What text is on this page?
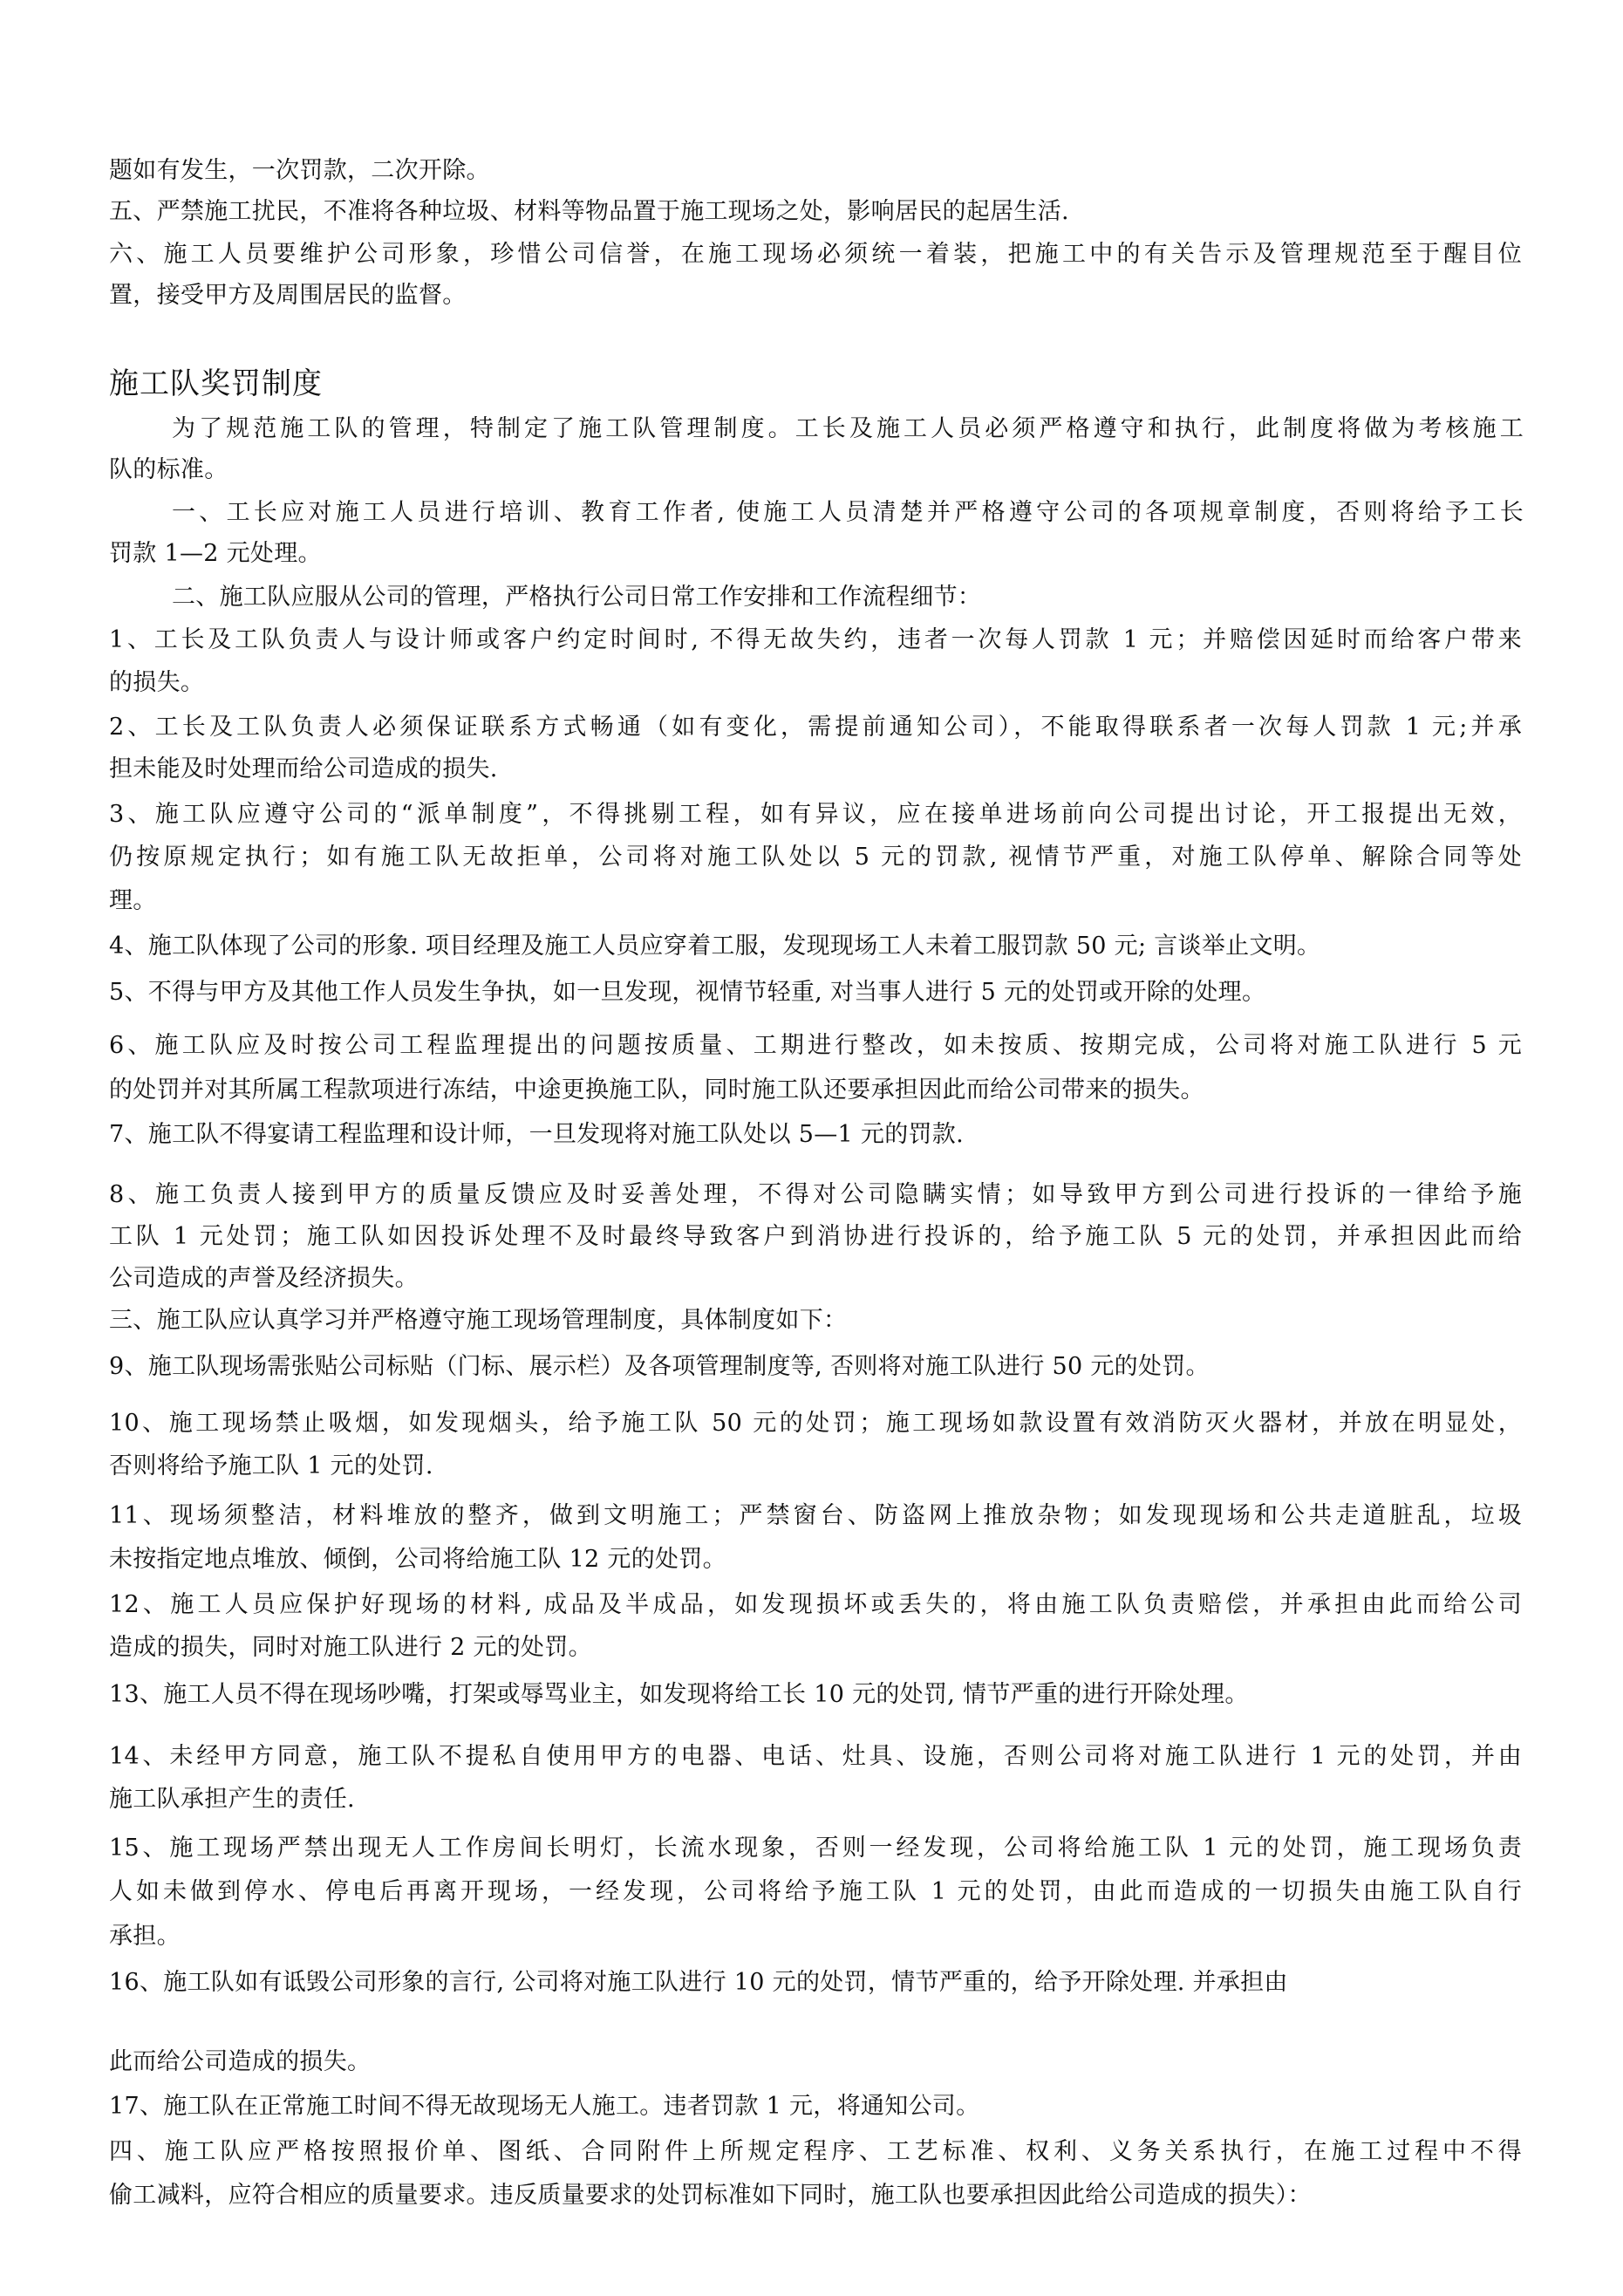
题如有发生，一次罚款，二次开除。
五、严禁施工扰民，不准将各种垃圾、材料等物品置于施工现场之处，影响居民的起居生活.
六、施工人员要维护公司形象，珍惜公司信誉，在施工现场必须统一着装，把施工中的有关告示及管理规范至于醒目位
置，接受甲方及周围居民的监督。
施工队奖罚制度
为了规范施工队的管理，特制定了施工队管理制度。工长及施工人员必须严格遵守和执行，此制度将做为考核施工
队的标准。
一、工长应对施工人员进行培训、教育工作者, 使施工人员清楚并严格遵守公司的各项规章制度，否则将给予工长
罚款 1—2 元处理。
二、施工队应服从公司的管理，严格执行公司日常工作安排和工作流程细节：
1、工长及工队负责人与设计师或客户约定时间时, 不得无故失约，违者一次每人罚款 1 元；并赔偿因延时而给客户带来
的损失。
2、工长及工队负责人必须保证联系方式畅通（如有变化，需提前通知公司），不能取得联系者一次每人罚款 1 元;并承
担未能及时处理而给公司造成的损失.
3、施工队应遵守公司的“派单制度”，不得挑剔工程，如有异议，应在接单进场前向公司提出讨论，开工报提出无效，
仍按原规定执行；如有施工队无故拒单，公司将对施工队处以 5 元的罚款, 视情节严重，对施工队停单、解除合同等处
理。
4、施工队体现了公司的形象. 项目经理及施工人员应穿着工服，发现现场工人未着工服罚款 50 元; 言谈举止文明。
5、不得与甲方及其他工作人员发生争执，如一旦发现，视情节轻重, 对当事人进行 5 元的处罚或开除的处理。
6、施工队应及时按公司工程监理提出的问题按质量、工期进行整改，如未按质、按期完成，公司将对施工队进行 5 元
的处罚并对其所属工程款项进行冻结，中途更换施工队，同时施工队还要承担因此而给公司带来的损失。
7、施工队不得宴请工程监理和设计师，一旦发现将对施工队处以 5—1 元的罚款.
8、施工负责人接到甲方的质量反馈应及时妥善处理，不得对公司隐瞒实情；如导致甲方到公司进行投诉的一律给予施
工队 1 元处罚；施工队如因投诉处理不及时最终导致客户到消协进行投诉的，给予施工队 5 元的处罚，并承担因此而给
公司造成的声誉及经济损失。
三、施工队应认真学习并严格遵守施工现场管理制度，具体制度如下：
9、施工队现场需张贴公司标贴（门标、展示栏）及各项管理制度等, 否则将对施工队进行 50 元的处罚。
10、施工现场禁止吸烟，如发现烟头，给予施工队 50 元的处罚；施工现场如款设置有效消防灭火器材，并放在明显处，
否则将给予施工队 1 元的处罚.
11、现场须整洁，材料堆放的整齐，做到文明施工；严禁窗台、防盗网上推放杂物；如发现现场和公共走道脏乱，垃圾
未按指定地点堆放、倾倒，公司将给施工队 12 元的处罚。
12、施工人员应保护好现场的材料, 成品及半成品，如发现损坏或丢失的，将由施工队负责赔偿，并承担由此而给公司
造成的损失，同时对施工队进行 2 元的处罚。
13、施工人员不得在现场吵嘴，打架或辱骂业主，如发现将给工长 10 元的处罚, 情节严重的进行开除处理。
14、未经甲方同意，施工队不提私自使用甲方的电器、电话、灶具、设施，否则公司将对施工队进行 1 元的处罚，并由
施工队承担产生的责任.
15、施工现场严禁出现无人工作房间长明灯，长流水现象，否则一经发现，公司将给施工队 1 元的处罚，施工现场负责
人如未做到停水、停电后再离开现场，一经发现，公司将给予施工队 1 元的处罚，由此而造成的一切损失由施工队自行
承担。
16、施工队如有诋毁公司形象的言行, 公司将对施工队进行 10 元的处罚，情节严重的，给予开除处理. 并承担由
此而给公司造成的损失。
17、施工队在正常施工时间不得无故现场无人施工。违者罚款 1 元，将通知公司。
四、施工队应严格按照报价单、图纸、合同附件上所规定程序、工艺标准、权利、义务关系执行，在施工过程中不得
偷工减料，应符合相应的质量要求。违反质量要求的处罚标准如下同时，施工队也要承担因此给公司造成的损失）：
